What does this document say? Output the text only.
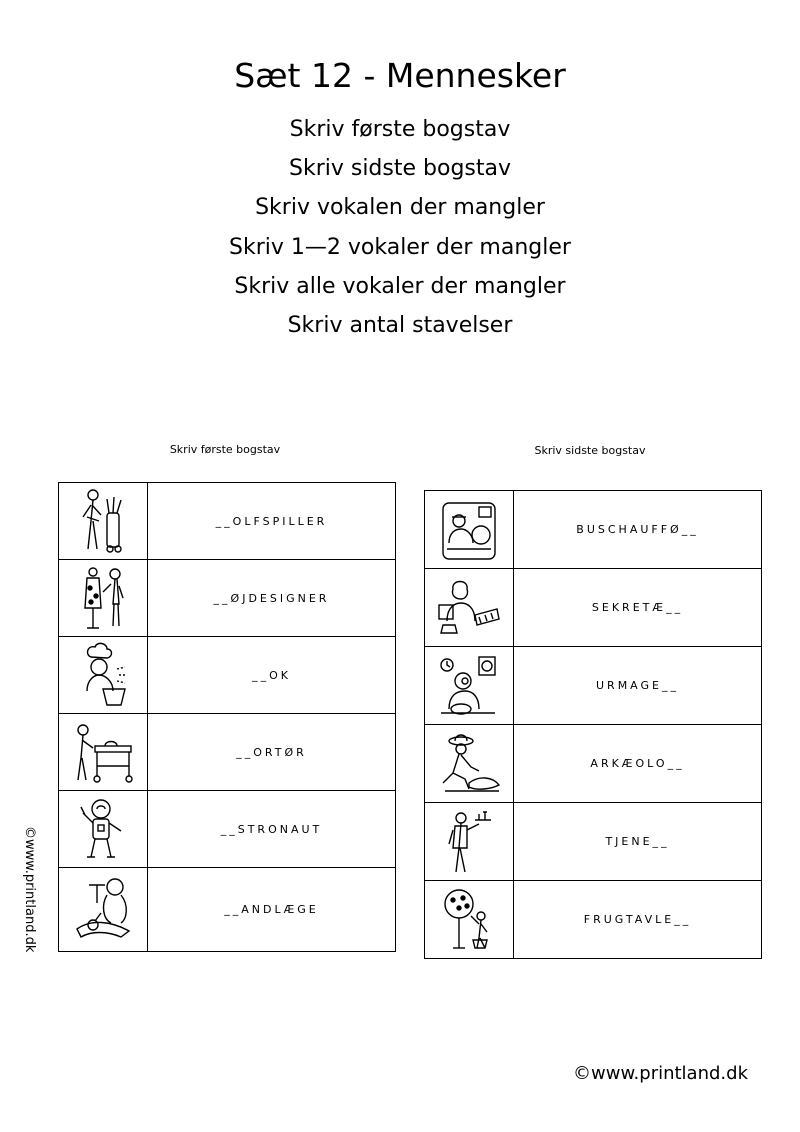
Sæt 12 - Mennesker
Skriv første bogstav
Skriv sidste bogstav
Skriv vokalen der mangler
Skriv 1—2 vokaler der mangler
Skriv alle vokaler der mangler
Skriv antal stavelser
Skriv første bogstav	Skriv sidste bogstav
	__OLFSPILLER

	__ØJDESIGNER

	__OK

	__ORTØR

	__STRONAUT

	__ANDLÆGE
	BUSCHAUFFØ__

	SEKRETÆ__

	URMAGE__

	ARKÆOLO__

	TJENE__

	FRUGTAVLE__
©www.printland.dk
©www.printland.dk
